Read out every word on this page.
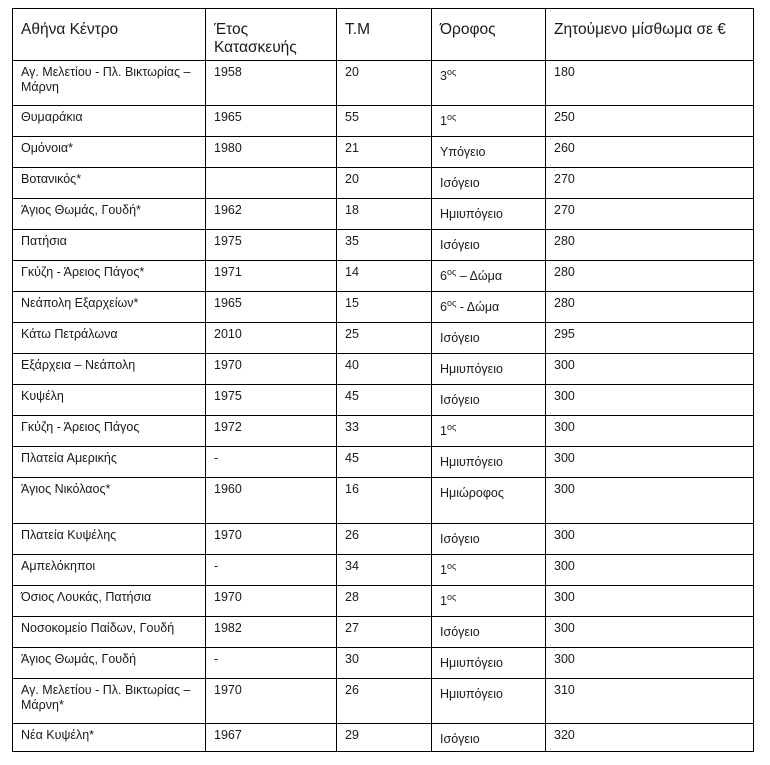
Αθήνα Κέντρο	Έτος Κατασκευής	Τ.Μ	Όροφος	Ζητούμενο μίσθωμα σε €
Αγ. Μελετίου - Πλ. Βικτωρίας – Μάρνη	1958	20	$3^{o\varsigma}$	180
Θυμαράκια	1965	55	$1^{o\varsigma}$	250
Ομόνοια*	1980	21	Υπόγειο	260
Βοτανικός*		20	Ισόγειο	270
Άγιος Θωμάς, Γουδή*	1962	18	Ημιυπόγειο	270
Πατήσια	1975	35	Ισόγειο	280
Γκύζη - Άρειος Πάγος*	1971	14	$6^{o\varsigma}$ – Δώμα	280
Νεάπολη Εξαρχείων*	1965	15	$6^{o\varsigma}$ - Δώμα	280
Κάτω Πετράλωνα	2010	25	Ισόγειο	295
Εξάρχεια – Νεάπολη	1970	40	Ημιυπόγειο	300
Κυψέλη	1975	45	Ισόγειο	300
Γκύζη - Άρειος Πάγος	1972	33	$1^{o\varsigma}$	300
Πλατεία Αμερικής	-	45	Ημιυπόγειο	300
Άγιος Νικόλαος*	1960	16	Ημιώροφος	300
Πλατεία Κυψέλης	1970	26	Ισόγειο	300
Αμπελόκηποι	-	34	$1^{o\varsigma}$	300
Όσιος Λουκάς, Πατήσια	1970	28	$1^{o\varsigma}$	300
Νοσοκομείο Παίδων, Γουδή	1982	27	Ισόγειο	300
Άγιος Θωμάς, Γουδή	-	30	Ημιυπόγειο	300
Αγ. Μελετίου - Πλ. Βικτωρίας – Μάρνη*	1970	26	Ημιυπόγειο	310
Νέα Κυψέλη*	1967	29	Ισόγειο	320
